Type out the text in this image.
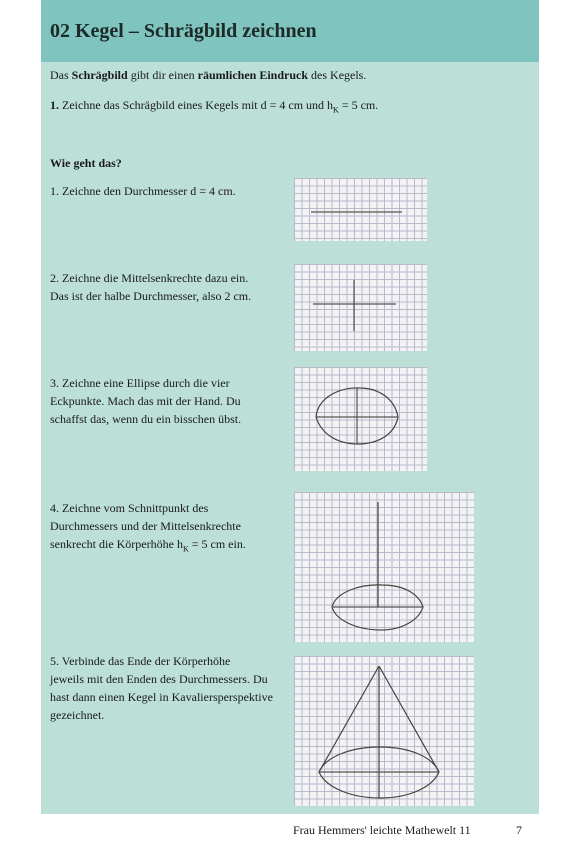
02 Kegel – Schrägbild zeichnen
Das Schrägbild gibt dir einen räumlichen Eindruck des Kegels.
1. Zeichne das Schrägbild eines Kegels mit d = 4 cm und $h_K = 5$ cm.
Wie geht das?
1. Zeichne den Durchmesser d = 4 cm.
2. Zeichne die Mittelsenkrechte dazu ein.
Das ist der halbe Durchmesser, also 2 cm.
3. Zeichne eine Ellipse durch die vier
Eckpunkte. Mach das mit der Hand. Du
schaffst das, wenn du ein bisschen übst.
4. Zeichne vom Schnittpunkt des
Durchmessers und der Mittelsenkrechte
senkrecht die Körperhöhe $h_K = 5$ cm ein.
5. Verbinde das Ende der Körperhöhe
jeweils mit den Enden des Durchmessers. Du
hast dann einen Kegel in Kavaliersperspektive
gezeichnet.
Frau Hemmers' leichte Mathewelt 11	7
